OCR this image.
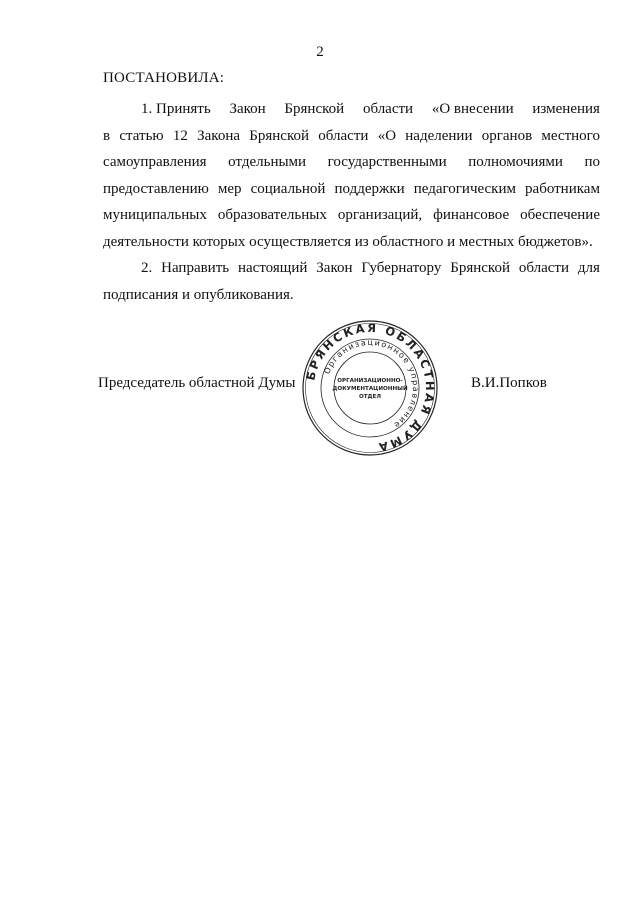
2
ПОСТАНОВИЛА:
1. Принять Закон Брянской области «О внесении изменения
в статью 12 Закона Брянской области «О наделении органов местного
самоуправления отдельными государственными полномочиями по
предоставлению мер социальной поддержки педагогическим работникам
муниципальных образовательных организаций, финансовое обеспечение
деятельности которых осуществляется из областного и местных бюджетов».
2. Направить настоящий Закон Губернатору Брянской области для
подписания и опубликования.
Председатель областной Думы	В.И.Попков
БРЯНСКАЯ ОБЛАСТНАЯ ДУМА
Организационное управление
ОРГАНИЗАЦИОННО-
ДОКУМЕНТАЦИОННЫЙ
ОТДЕЛ
